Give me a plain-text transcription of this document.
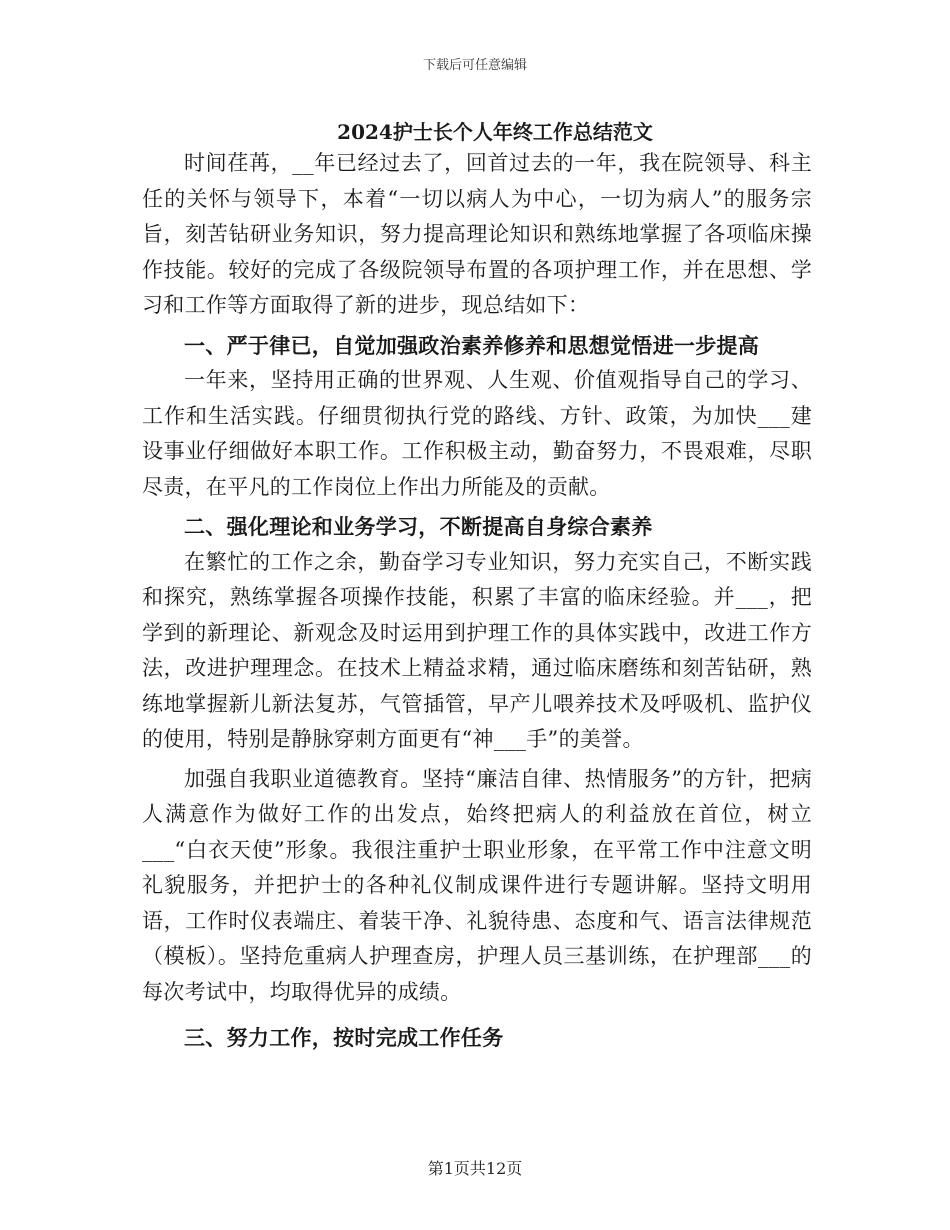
下载后可任意编辑
2024护士长个人年终工作总结范文

时间荏苒，__年已经过去了，回首过去的一年，我在院领导、科主任的关怀与领导下，本着“一切以病人为中心，一切为病人”的服务宗旨，刻苦钻研业务知识，努力提高理论知识和熟练地掌握了各项临床操作技能。较好的完成了各级院领导布置的各项护理工作，并在思想、学习和工作等方面取得了新的进步，现总结如下：

一、严于律已，自觉加强政治素养修养和思想觉悟进一步提高

一年来，坚持用正确的世界观、人生观、价值观指导自己的学习、工作和生活实践。仔细贯彻执行党的路线、方针、政策，为加快___建设事业仔细做好本职工作。工作积极主动，勤奋努力，不畏艰难，尽职尽责，在平凡的工作岗位上作出力所能及的贡献。

二、强化理论和业务学习，不断提高自身综合素养

在繁忙的工作之余，勤奋学习专业知识，努力充实自己，不断实践和探究，熟练掌握各项操作技能，积累了丰富的临床经验。并___，把学到的新理论、新观念及时运用到护理工作的具体实践中，改进工作方法，改进护理理念。在技术上精益求精，通过临床磨练和刻苦钻研，熟练地掌握新儿新法复苏，气管插管，早产儿喂养技术及呼吸机、监护仪的使用，特别是静脉穿刺方面更有“神___手”的美誉。

加强自我职业道德教育。坚持“廉洁自律、热情服务”的方针，把病人满意作为做好工作的出发点，始终把病人的利益放在首位，树立___“白衣天使”形象。我很注重护士职业形象，在平常工作中注意文明礼貌服务，并把护士的各种礼仪制成课件进行专题讲解。坚持文明用语，工作时仪表端庄、着装干净、礼貌待患、态度和气、语言法律规范（模板）。坚持危重病人护理查房，护理人员三基训练，在护理部___的每次考试中，均取得优异的成绩。

三、努力工作，按时完成工作任务

第1页共12页
